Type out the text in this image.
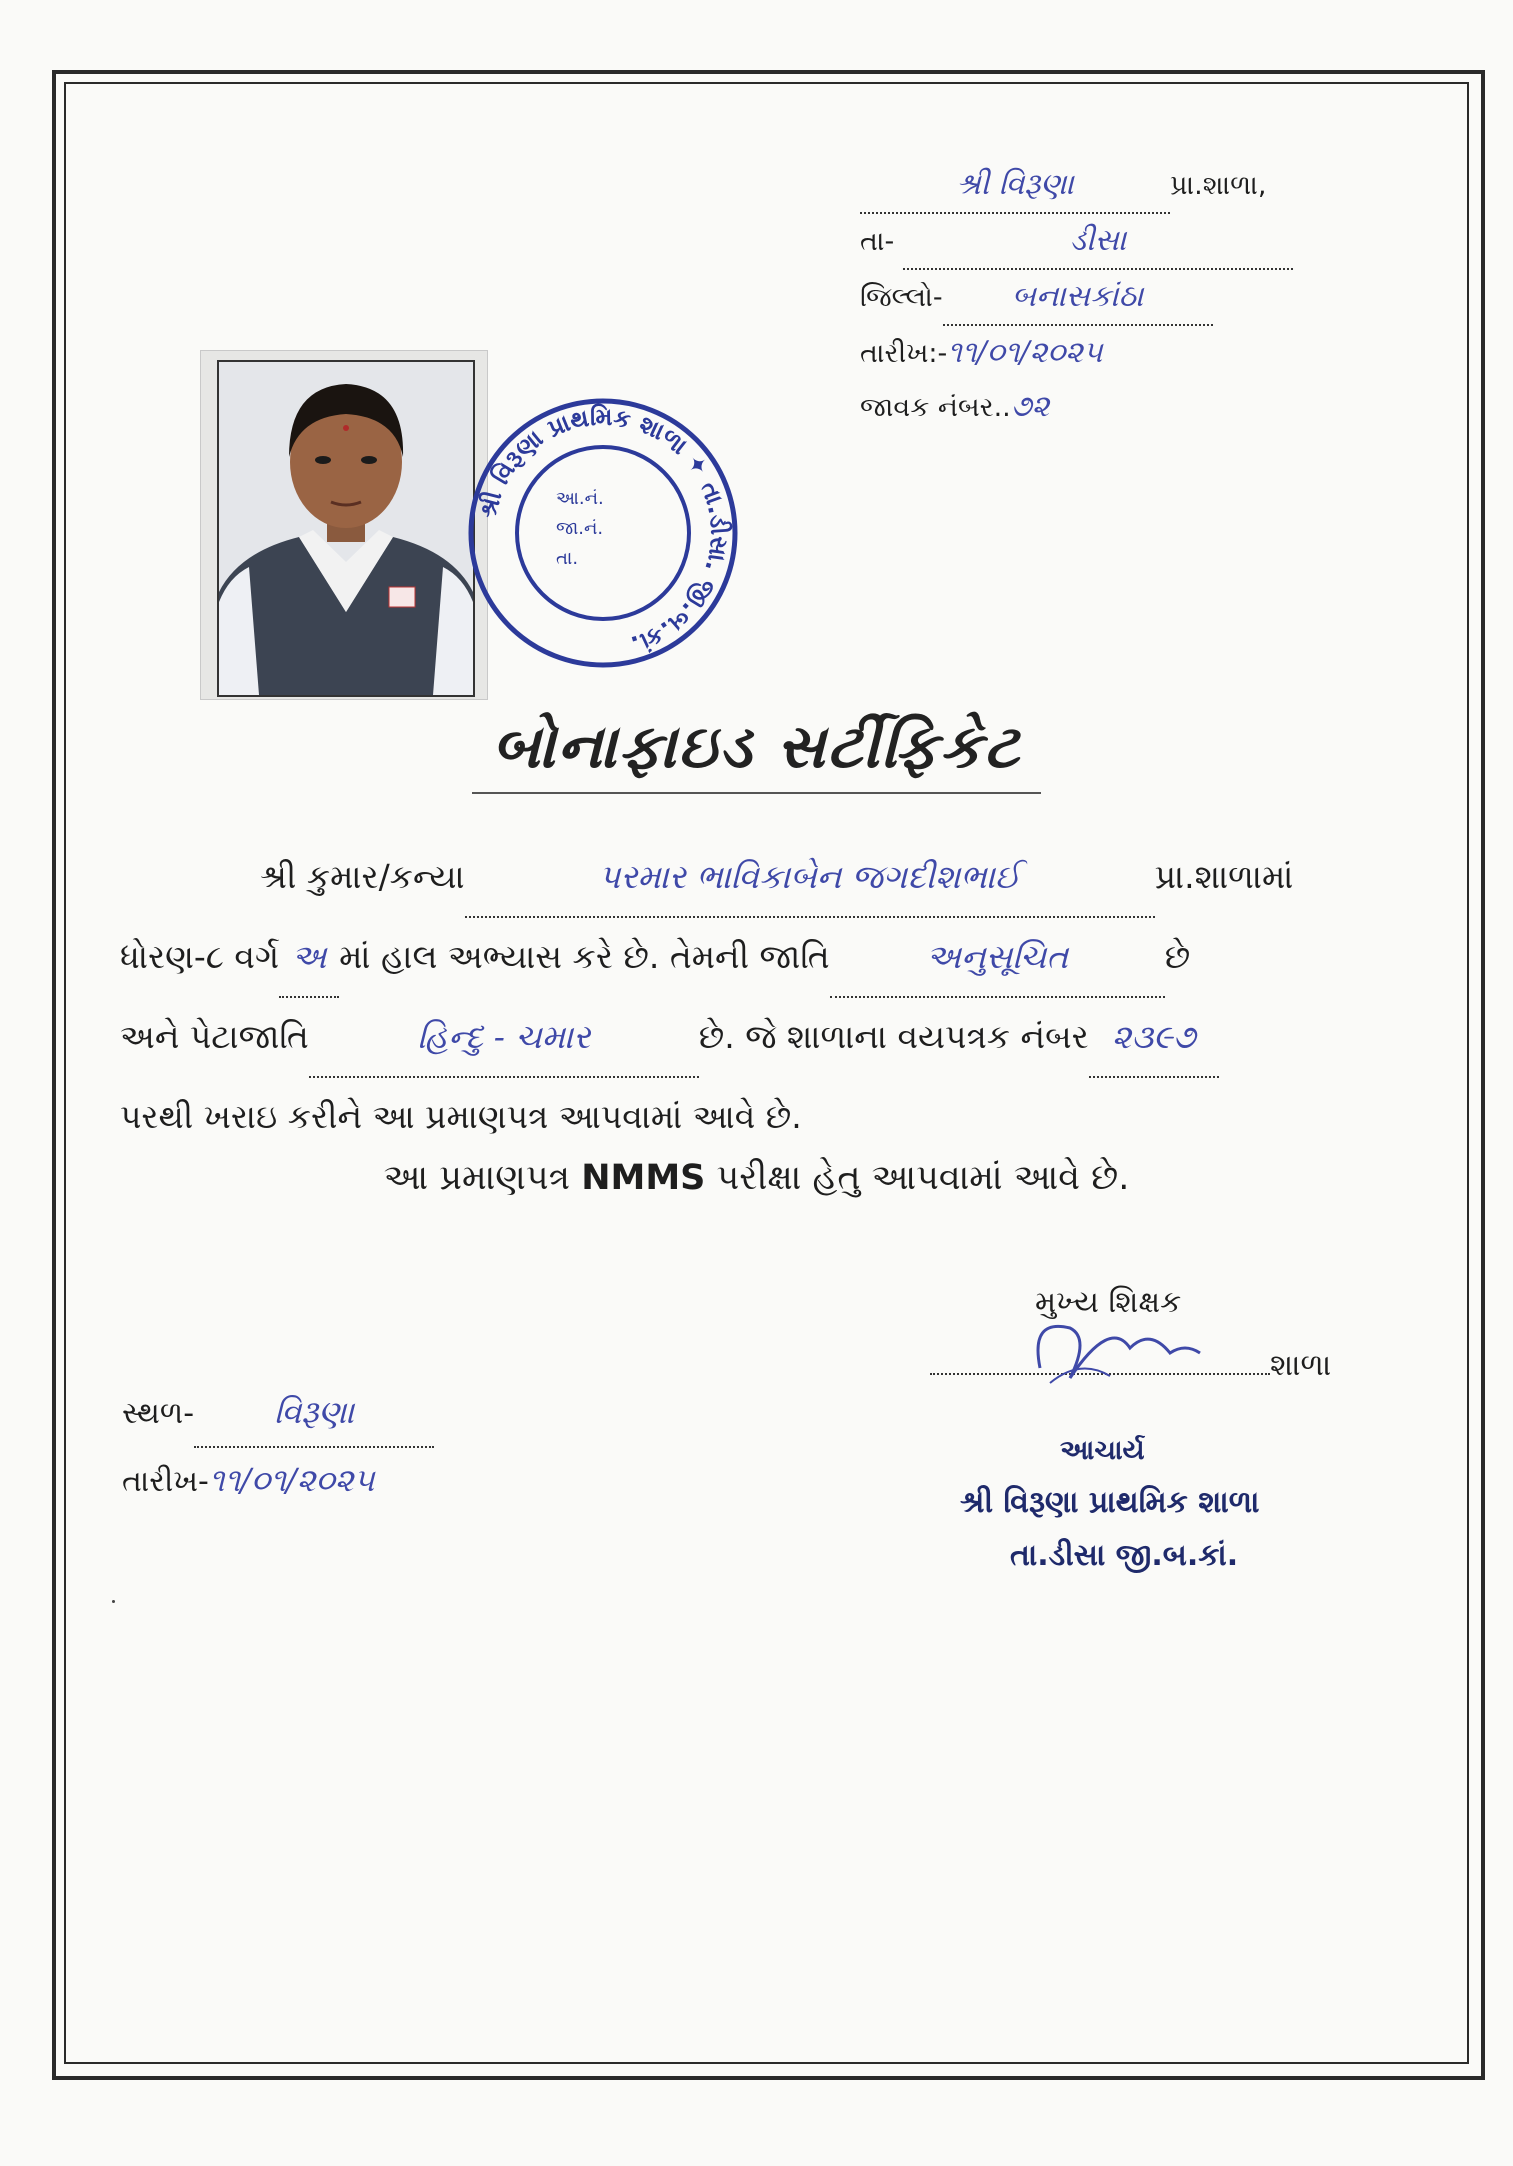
શ્રી વિરૂણા	પ્રા.શાળા,
તા-	ડીસા
જિલ્લો- બનાસકાંઠા
તારીખ:-૧૧/૦૧/૨૦૨૫
જાવક નંબર..૭૨
શ્રી વિરૂણા પ્રાથમિક શાળા ✦ તા.ડીસા. જી.બ.કાં.
આ.નં.
જા.નં.
તા.
બોનાફાઇડ સર્ટીફિકેટ
શ્રી કુમાર/કન્યા	પરમાર ભાવિકાબેન જગદીશભાઈ	પ્રા.શાળામાં
ધોરણ-૮ વર્ગ અ માં હાલ અભ્યાસ કરે છે. તેમની જાતિ	અનુસૂચિત	છે
અને પેટાજાતિ	હિન્દુ - ચમાર	છે. જે શાળાના વયપત્રક નંબર ૨૩૯૭
પરથી ખરાઇ કરીને આ પ્રમાણપત્ર આપવામાં આવે છે.
આ પ્રમાણપત્ર NMMS પરીક્ષા હેતુ આપવામાં આવે છે.
મુખ્ય શિક્ષક
શાળા
સ્થળ-	વિરૂણા
તારીખ-૧૧/૦૧/૨૦૨૫
આચાર્ય
શ્રી વિરૂણા પ્રાથમિક શાળા
તા.ડીસા જી.બ.કાં.
